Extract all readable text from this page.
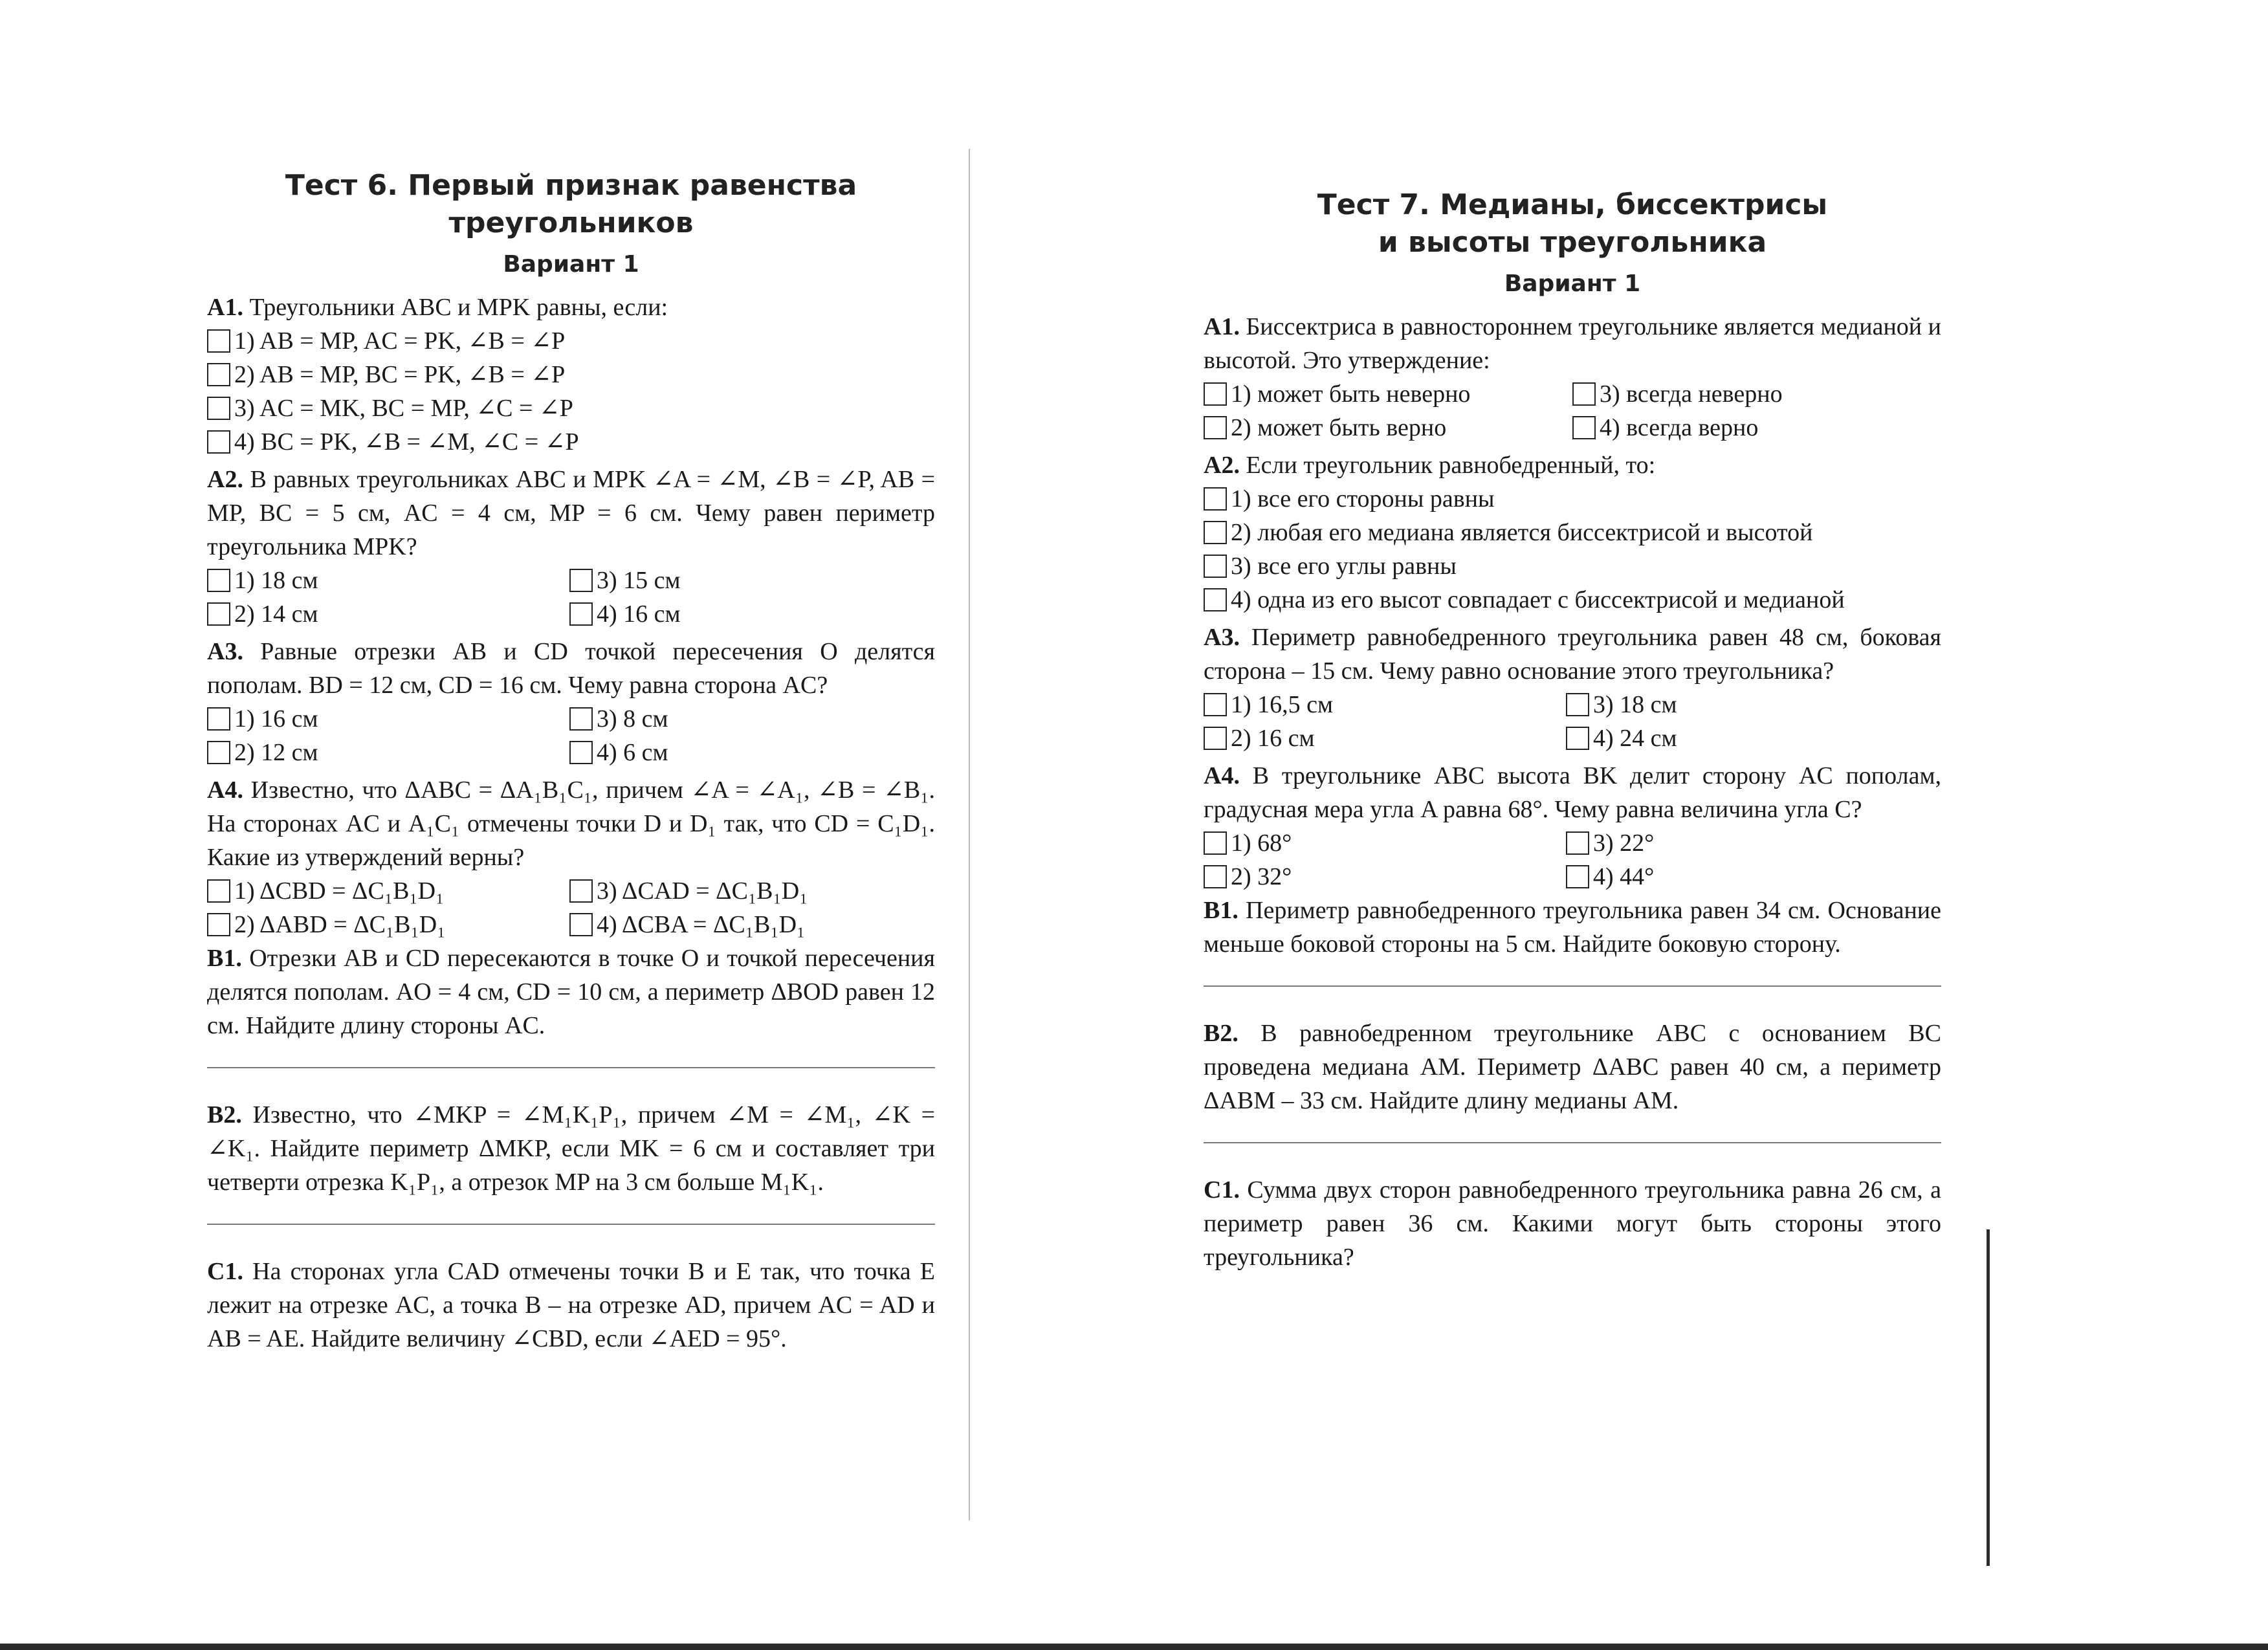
Тест 6. Первый признак равенства
треугольников
Вариант 1
А1. Треугольники ABC и MPK равны, если:
1) AB = MP, AC = PK, ∠B = ∠P
2) AB = MP, BC = PK, ∠B = ∠P
3) AC = MK, BC = MP, ∠C = ∠P
4) BC = PK, ∠B = ∠M, ∠C = ∠P
А2. В равных треугольниках ABC и MPK ∠A = ∠M, ∠B = ∠P, AB = MP, BC = 5 см, AC = 4 см, MP = 6 см. Чему равен периметр треугольника MPK?
1) 18 см	3) 15 см
2) 14 см	4) 16 см
А3. Равные отрезки AB и CD точкой пересечения O делятся пополам. BD = 12 см, CD = 16 см. Чему равна сторона AC?
1) 16 см	3) 8 см
2) 12 см	4) 6 см
А4. Известно, что ΔABC = ΔA₁B₁C₁, причем ∠A = ∠A₁, ∠B = ∠B₁. На сторонах AC и A₁C₁ отмечены точки D и D₁ так, что CD = C₁D₁. Какие из утверждений верны?
1) ΔCBD = ΔC₁B₁D₁	3) ΔCAD = ΔC₁B₁D₁
2) ΔABD = ΔC₁B₁D₁	4) ΔCBA = ΔC₁B₁D₁
В1. Отрезки AB и CD пересекаются в точке O и точкой пересечения делятся пополам. AO = 4 см, CD = 10 см, а периметр ΔBOD равен 12 см. Найдите длину стороны AC.
В2. Известно, что ∠MKP = ∠M₁K₁P₁, причем ∠M = ∠M₁, ∠K = ∠K₁. Найдите периметр ΔMKP, если MK = 6 см и составляет три четверти отрезка K₁P₁, а отрезок MP на 3 см больше M₁K₁.
С1. На сторонах угла CAD отмечены точки B и E так, что точка E лежит на отрезке AC, а точка B – на отрезке AD, причем AC = AD и AB = AE. Найдите величину ∠CBD, если ∠AED = 95°.
Тест 7. Медианы, биссектрисы
и высоты треугольника
Вариант 1
А1. Биссектриса в равностороннем треугольнике является медианой и высотой. Это утверждение:
1) может быть неверно	3) всегда неверно
2) может быть верно	4) всегда верно
А2. Если треугольник равнобедренный, то:
1) все его стороны равны
2) любая его медиана является биссектрисой и высотой
3) все его углы равны
4) одна из его высот совпадает с биссектрисой и медианой
А3. Периметр равнобедренного треугольника равен 48 см, боковая сторона – 15 см. Чему равно основание этого треугольника?
1) 16,5 см	3) 18 см
2) 16 см	4) 24 см
А4. В треугольнике ABC высота BK делит сторону AC пополам, градусная мера угла A равна 68°. Чему равна величина угла C?
1) 68°	3) 22°
2) 32°	4) 44°
В1. Периметр равнобедренного треугольника равен 34 см. Основание меньше боковой стороны на 5 см. Найдите боковую сторону.
В2. В равнобедренном треугольнике ABC с основанием BC проведена медиана AM. Периметр ΔABC равен 40 см, а периметр ΔABM – 33 см. Найдите длину медианы AM.
С1. Сумма двух сторон равнобедренного треугольника равна 26 см, а периметр равен 36 см. Какими могут быть стороны этого треугольника?
